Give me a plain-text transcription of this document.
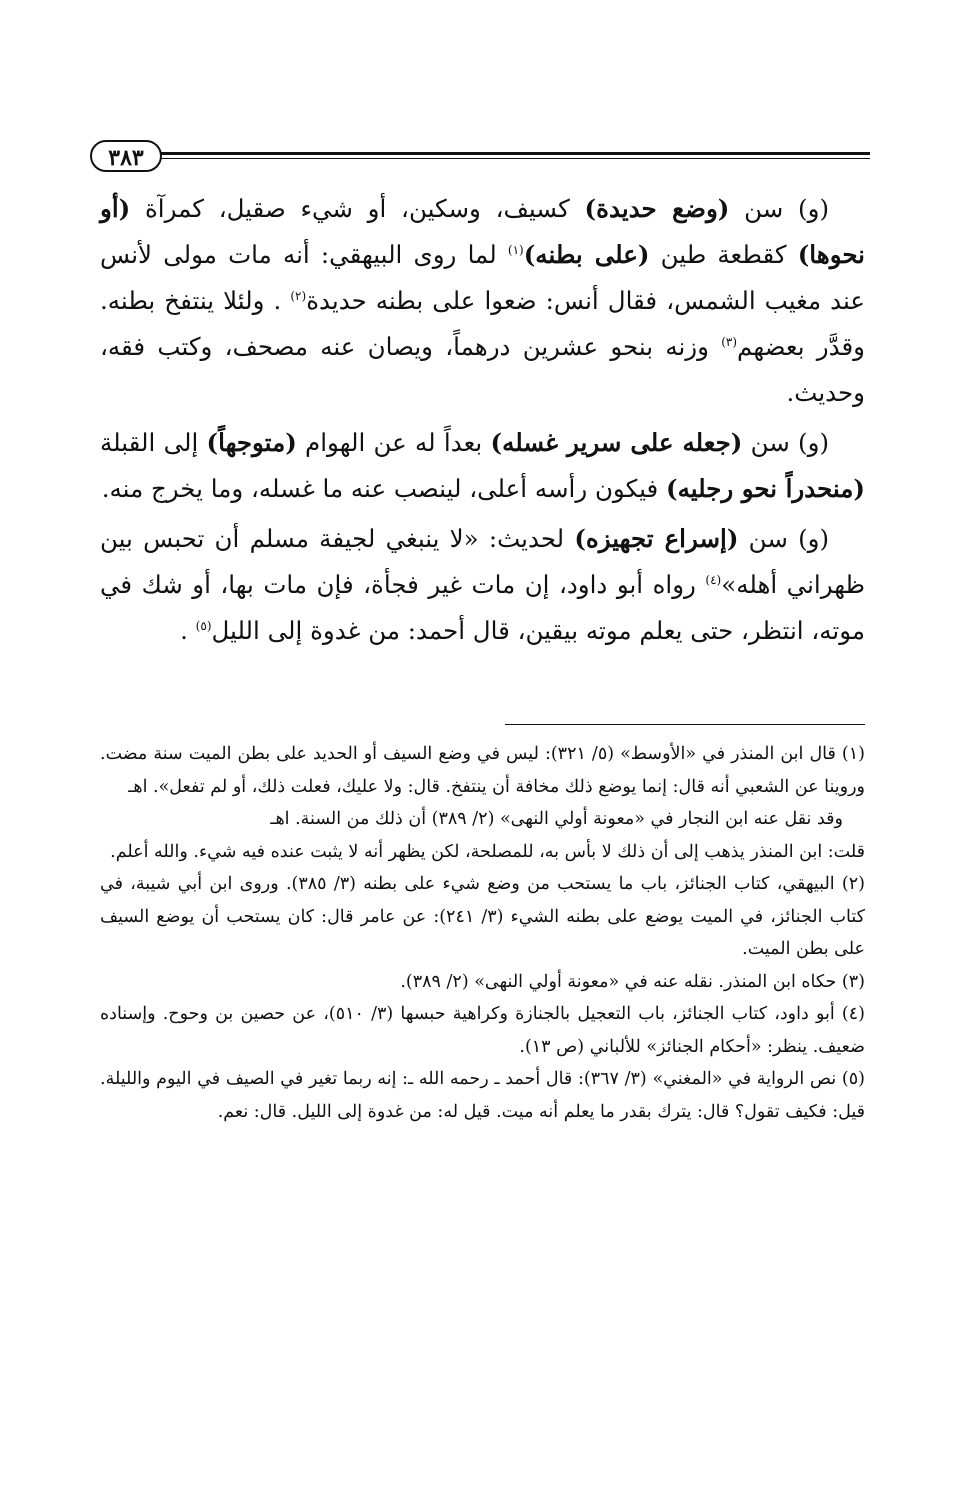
٣٨٣

(و) سن (وضع حديدة) كسيف، وسكين، أو شيء صقيل، كمرآة (أو نحوها) كقطعة طين (على بطنه)$^{(١)}$ لما روى البيهقي: أنه مات مولى لأنس عند مغيب الشمس، فقال أنس: ضعوا على بطنه حديدة$^{(٢)}$ . ولئلا ينتفخ بطنه. وقدَّر بعضهم$^{(٣)}$ وزنه بنحو عشرين درهماً، ويصان عنه مصحف، وكتب فقه، وحديث.

(و) سن (جعله على سرير غسله) بعداً له عن الهوام (متوجهاً) إلى القبلة (منحدراً نحو رجليه) فيكون رأسه أعلى، لينصب عنه ما غسله، وما يخرج منه.

(و) سن (إسراع تجهيزه) لحديث: «لا ينبغي لجيفة مسلم أن تحبس بين ظهراني أهله»$^{(٤)}$ رواه أبو داود، إن مات غير فجأة، فإن مات بها، أو شك في موته، انتظر، حتى يعلم موته بيقين، قال أحمد: من غدوة إلى الليل$^{(٥)}$ .

(١) قال ابن المنذر في «الأوسط» (٥/ ٣٢١): ليس في وضع السيف أو الحديد على بطن الميت سنة مضت. وروينا عن الشعبي أنه قال: إنما يوضع ذلك مخافة أن ينتفخ. قال: ولا عليك، فعلت ذلك، أو لم تفعل». اهـ

وقد نقل عنه ابن النجار في «معونة أولي النهى» (٢/ ٣٨٩) أن ذلك من السنة. اهـ

قلت: ابن المنذر يذهب إلى أن ذلك لا بأس به، للمصلحة، لكن يظهر أنه لا يثبت عنده فيه شيء. والله أعلم.

(٢) البيهقي، كتاب الجنائز، باب ما يستحب من وضع شيء على بطنه (٣/ ٣٨٥). وروى ابن أبي شيبة، في كتاب الجنائز، في الميت يوضع على بطنه الشيء (٣/ ٢٤١): عن عامر قال: كان يستحب أن يوضع السيف على بطن الميت.

(٣) حكاه ابن المنذر. نقله عنه في «معونة أولي النهى» (٢/ ٣٨٩).

(٤) أبو داود، كتاب الجنائز، باب التعجيل بالجنازة وكراهية حبسها (٣/ ٥١٠)، عن حصين بن وحوح. وإسناده ضعيف. ينظر: «أحكام الجنائز» للألباني (ص ١٣).

(٥) نص الرواية في «المغني» (٣/ ٣٦٧): قال أحمد ـ رحمه الله ـ: إنه ربما تغير في الصيف في اليوم والليلة. قيل: فكيف تقول؟ قال: يترك بقدر ما يعلم أنه ميت. قيل له: من غدوة إلى الليل. قال: نعم.
